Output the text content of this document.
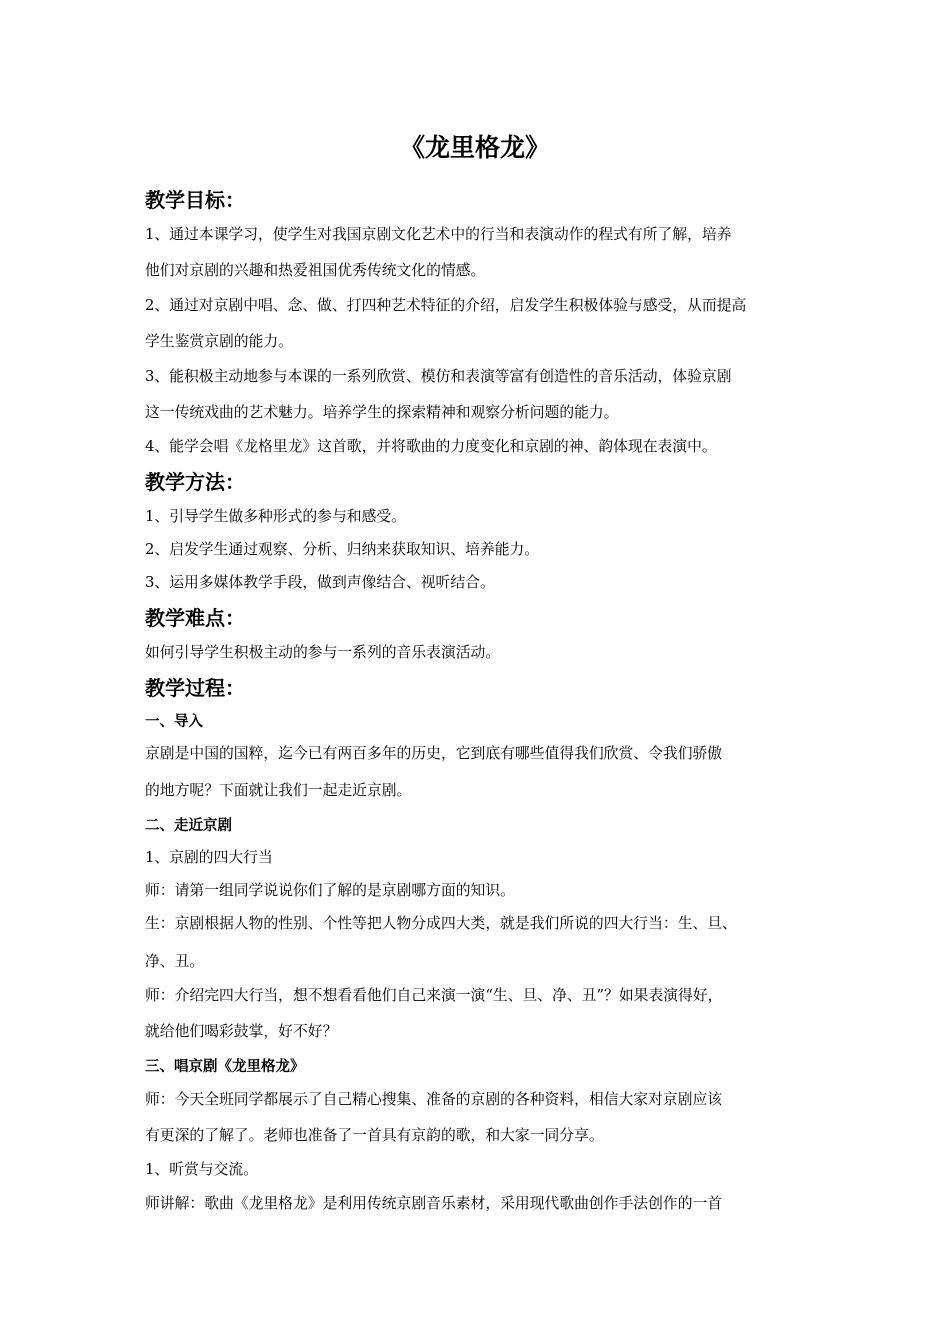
《龙里格龙》
教学目标：
1、通过本课学习，使学生对我国京剧文化艺术中的行当和表演动作的程式有所了解，培养
他们对京剧的兴趣和热爱祖国优秀传统文化的情感。
2、通过对京剧中唱、念、做、打四种艺术特征的介绍，启发学生积极体验与感受，从而提高
学生鉴赏京剧的能力。
3、能积极主动地参与本课的一系列欣赏、模仿和表演等富有创造性的音乐活动，体验京剧
这一传统戏曲的艺术魅力。培养学生的探索精神和观察分析问题的能力。
4、能学会唱《龙格里龙》这首歌，并将歌曲的力度变化和京剧的神、韵体现在表演中。
教学方法：
1、引导学生做多种形式的参与和感受。
2、启发学生通过观察、分析、归纳来获取知识、培养能力。
3、运用多媒体教学手段，做到声像结合、视听结合。
教学难点：
如何引导学生积极主动的参与一系列的音乐表演活动。
教学过程：
一、导入
京剧是中国的国粹，迄今已有两百多年的历史，它到底有哪些值得我们欣赏、令我们骄傲
的地方呢？下面就让我们一起走近京剧。
二、走近京剧
1、京剧的四大行当
师：请第一组同学说说你们了解的是京剧哪方面的知识。
生：京剧根据人物的性别、个性等把人物分成四大类，就是我们所说的四大行当：生、旦、
净、丑。
师：介绍完四大行当，想不想看看他们自己来演一演“生、旦、净、丑”？如果表演得好，
就给他们喝彩鼓掌，好不好？
三、唱京剧《龙里格龙》
师：今天全班同学都展示了自己精心搜集、准备的京剧的各种资料，相信大家对京剧应该
有更深的了解了。老师也准备了一首具有京韵的歌，和大家一同分享。
1、听赏与交流。
师讲解：歌曲《龙里格龙》是利用传统京剧音乐素材，采用现代歌曲创作手法创作的一首
